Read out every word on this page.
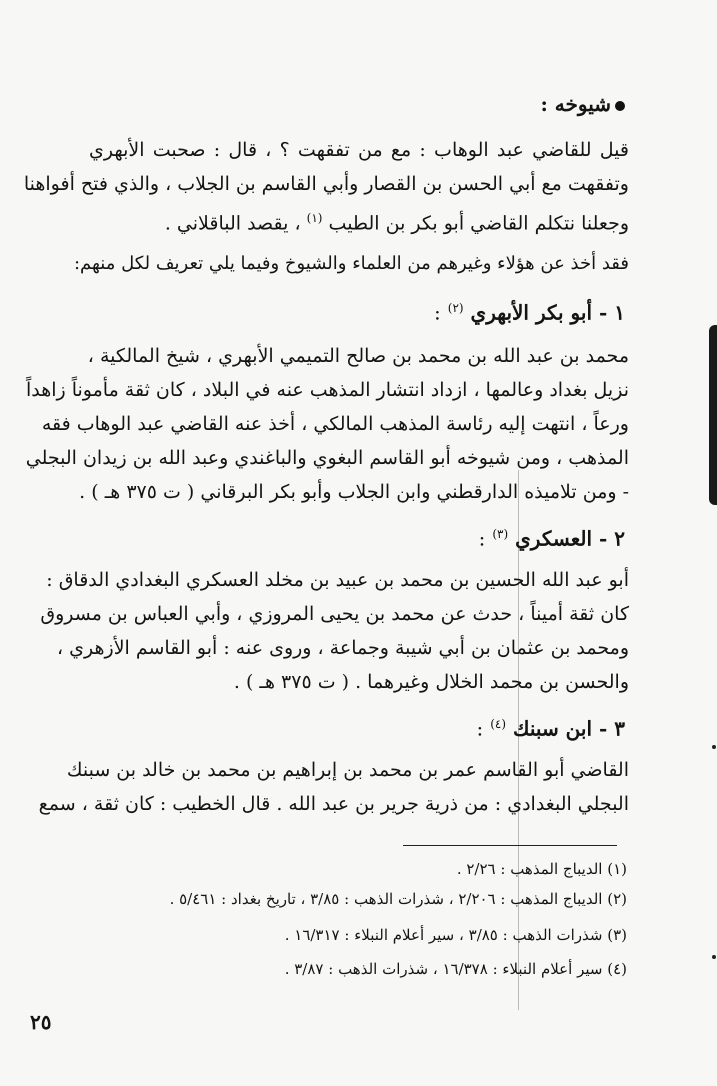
شيوخه :
قيل للقاضي عبد الوهاب : مع من تفقهت ؟ ، قال : صحبت الأبهري
وتفقهت مع أبي الحسن بن القصار وأبي القاسم بن الجلاب ، والذي فتح أفواهنا
وجعلنا نتكلم القاضي أبو بكر بن الطيب $^{(١)}$ ، يقصد الباقلاني .
فقد أخذ عن هؤلاء وغيرهم من العلماء والشيوخ وفيما يلي تعريف لكل منهم:
١ - أبو بكر الأبهري $^{(٢)}$ :
محمد بن عبد الله بن محمد بن صالح التميمي الأبهري ، شيخ المالكية ،
نزيل بغداد وعالمها ، ازداد انتشار المذهب عنه في البلاد ، كان ثقة مأموناً زاهداً
ورعاً ، انتهت إليه رئاسة المذهب المالكي ، أخذ عنه القاضي عبد الوهاب فقه
المذهب ، ومن شيوخه أبو القاسم البغوي والباغندي وعبد الله بن زيدان البجلي
- ومن تلاميذه الدارقطني وابن الجلاب وأبو بكر البرقاني ( ت ٣٧٥ هـ ) .
٢ - العسكري $^{(٣)}$ :
أبو عبد الله الحسين بن محمد بن عبيد بن مخلد العسكري البغدادي الدقاق :
كان ثقة أميناً ، حدث عن محمد بن يحيى المروزي ، وأبي العباس بن مسروق
ومحمد بن عثمان بن أبي شيبة وجماعة ، وروى عنه : أبو القاسم الأزهري ،
والحسن بن محمد الخلال وغيرهما . ( ت ٣٧٥ هـ ) .
٣ - ابن سبنك $^{(٤)}$ :
القاضي أبو القاسم عمر بن محمد بن إبراهيم بن محمد بن خالد بن سبنك
البجلي البغدادي : من ذرية جرير بن عبد الله . قال الخطيب : كان ثقة ، سمع
(١) الديباج المذهب : ٢/٢٦ .
(٢) الديباج المذهب : ٢/٢٠٦ ، شذرات الذهب : ٣/٨٥ ، تاريخ بغداد : ٥/٤٦١ .
(٣) شذرات الذهب : ٣/٨٥ ، سير أعلام النبلاء : ١٦/٣١٧ .
(٤) سير أعلام النبلاء : ١٦/٣٧٨ ، شذرات الذهب : ٣/٨٧ .
٢٥
